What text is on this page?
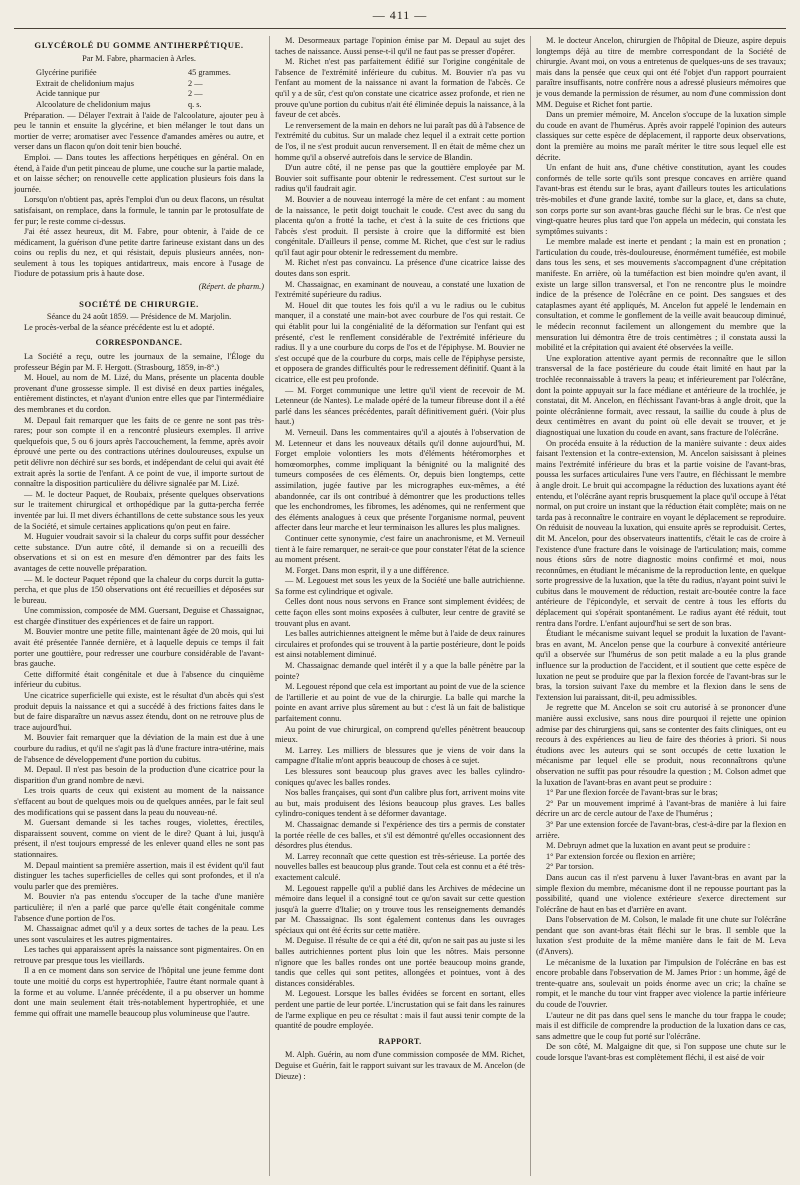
— 411 —
GLYCÉROLÉ DU GOMME ANTIHERPÉTIQUE.
Par M. Fabre, pharmacien à Arles.
Glycérine purifiée	45 grammes.
Extrait de chelidonium majus	2 —
Acide tannique pur	2 —
Alcoolature de chelidonium majus	q. s.

Préparation. — Délayer l'extrait à l'aide de l'alcoolature, ajouter peu à peu le tannin et ensuite la glycérine, et bien mélanger le tout dans un mortier de verre; aromatiser avec l'essence d'amandes amères ou autre, et verser dans un flacon qu'on doit tenir bien bouché.

Emploi. — Dans toutes les affections herpétiques en général. On en étend, à l'aide d'un petit pinceau de plume, une couche sur la partie malade, et on laisse sécher; on renouvelle cette application plusieurs fois dans la journée.

Lorsqu'on n'obtient pas, après l'emploi d'un ou deux flacons, un résultat satisfaisant, on remplace, dans la formule, le tannin par le protosulfate de fer pur; le reste comme ci-dessus.

J'ai été assez heureux, dit M. Fabre, pour obtenir, à l'aide de ce médicament, la guérison d'une petite dartre farineuse existant dans un des coins ou replis du nez, et qui résistait, depuis plusieurs années, non-seulement à tous les topiques antidartreux, mais encore à l'usage de l'iodure de potassium pris à haute dose.

(Répert. de pharm.)
SOCIÉTÉ DE CHIRURGIE.

Séance du 24 août 1859. — Présidence de M. Marjolin.

Le procès-verbal de la séance précédente est lu et adopté.

CORRESPONDANCE.

La Société a reçu, outre les journaux de la semaine, l'Éloge du professeur Bégin par M. F. Hergott. (Strasbourg, 1859, in-8°.)

M. Houel, au nom de M. Lizé, du Mans, présente un placenta double provenant d'une grossesse simple. Il est divisé en deux parties inégales, entièrement distinctes, et n'ayant d'union entre elles que par l'intermédiaire des membranes et du cordon.

M. Depaul fait remarquer que les faits de ce genre ne sont pas très-rares; pour son compte il en a rencontré plusieurs exemples. Il arrive quelquefois que, 5 ou 6 jours après l'accouchement, la femme, après avoir éprouvé une perte ou des contractions utérines douloureuses, expulse un petit délivre non déchiré sur ses bords, et indépendant de celui qui avait été extrait après la sortie de l'enfant. A ce point de vue, il importe surtout de connaître la disposition particulière du délivre signalée par M. Lizé.

— M. le docteur Paquet, de Roubaix, présente quelques observations sur le traitement chirurgical et orthopédique par la gutta-percha ferrée inventée par lui. Il met divers échantillons de cette substance sous les yeux de la Société, et simule certaines applications qu'on peut en faire.

M. Huguier voudrait savoir si la chaleur du corps suffit pour dessécher cette substance. D'un autre côté, il demande si on a recueilli des observations et si on est en mesure d'en démontrer par des faits les avantages de cette nouvelle préparation.

— M. le docteur Paquet répond que la chaleur du corps durcit la gutta-percha, et que plus de 150 observations ont été recueillies et déposées sur le bureau.

Une commission, composée de MM. Guersant, Deguise et Chassaignac, est chargée d'instituer des expériences et de faire un rapport.

M. Bouvier montre une petite fille, maintenant âgée de 20 mois, qui lui avait été présentée l'année dernière, et à laquelle depuis ce temps il fait porter une gouttière, pour redresser une courbure considérable de l'avant-bras gauche.

Cette difformité était congénitale et due à l'absence du cinquième inférieur du cubitus.

Une cicatrice superficielle qui existe, est le résultat d'un abcès qui s'est produit depuis la naissance et qui a succédé à des frictions faites dans le but de faire disparaître un nævus assez étendu, dont on ne retrouve plus de trace aujourd'hui.

M. Bouvier fait remarquer que la déviation de la main est due à une courbure du radius, et qu'il ne s'agit pas là d'une fracture intra-utérine, mais de l'absence de développement d'une portion du cubitus.

M. Depaul. Il n'est pas besoin de la production d'une cicatrice pour la disparition d'un grand nombre de nævi.

Les trois quarts de ceux qui existent au moment de la naissance s'effacent au bout de quelques mois ou de quelques années, par le fait seul des modifications qui se passent dans la peau du nouveau-né.

M. Guersant demande si les taches rouges, violettes, érectiles, disparaissent souvent, comme on vient de le dire? Quant à lui, jusqu'à présent, il n'est toujours empressé de les enlever quand elles ne sont pas stationnaires.

M. Depaul maintient sa première assertion, mais il est évident qu'il faut distinguer les taches superficielles de celles qui sont profondes, et il n'a voulu parler que des premières.

M. Bouvier n'a pas entendu s'occuper de la tache d'une manière particulière; il n'en a parlé que parce qu'elle était congénitale comme l'absence d'une portion de l'os.

M. Chassaignac admet qu'il y a deux sortes de taches de la peau. Les unes sont vasculaires et les autres pigmentaires.

Les taches qui apparaissent après la naissance sont pigmentaires. On en retrouve par presque tous les vieillards.

Il a en ce moment dans son service de l'hôpital une jeune femme dont toute une moitié du corps est hypertrophiée, l'autre étant normale quant à la forme et au volume. L'année précédente, il a pu observer un homme dont une main seulement était très-notablement hypertrophiée, et une femme qui offrait une mamelle beaucoup plus volumineuse que l'autre.

M. Desormeaux partage l'opinion émise par M. Depaul au sujet des taches de naissance. Aussi pense-t-il qu'il ne faut pas se presser d'opérer.

M. Richet n'est pas parfaitement édifié sur l'origine congénitale de l'absence de l'extrémité inférieure du cubitus. M. Bouvier n'a pas vu l'enfant au moment de la naissance ni avant la formation de l'abcès. Ce qu'il y a de sûr, c'est qu'on constate une cicatrice assez profonde, et rien ne prouve qu'une portion du cubitus n'ait été éliminée depuis la naissance, à la faveur de cet abcès.

Le renversement de la main en dehors ne lui paraît pas dû à l'absence de l'extrémité du cubitus. Sur un malade chez lequel il a extrait cette portion de l'os, il ne s'est produit aucun renversement. Il en était de même chez un homme qu'il a observé autrefois dans le service de Blandin.

D'un autre côté, il ne pense pas que la gouttière employée par M. Bouvier soit suffisante pour obtenir le redressement. C'est surtout sur le radius qu'il faudrait agir.

M. Bouvier a de nouveau interrogé la mère de cet enfant : au moment de la naissance, le petit doigt touchait le coude. C'est avec du sang du placenta qu'on a frotté la tache, et c'est à la suite de ces frictions que l'abcès s'est produit. Il persiste à croire que la difformité est bien congénitale. D'ailleurs il pense, comme M. Richet, que c'est sur le radius qu'il faut agir pour obtenir le redressement du membre.

M. Richet n'est pas convaincu. La présence d'une cicatrice laisse des doutes dans son esprit.

M. Chassaignac, en examinant de nouveau, a constaté une luxation de l'extrémité supérieure du radius.

M. Houel dit que toutes les fois qu'il a vu le radius ou le cubitus manquer, il a constaté une main-bot avec courbure de l'os qui restait. Ce qui établit pour lui la congénialité de la déformation sur l'enfant qui est présenté, c'est le renflement considérable de l'extrémité inférieure du radius. Il y a une courbure du corps de l'os et de l'épiphyse. M. Bouvier ne s'est occupé que de la courbure du corps, mais celle de l'épiphyse persiste, et opposera de grandes difficultés pour le redressement définitif. Quant à la cicatrice, elle est peu profonde.

— M. Forget communique une lettre qu'il vient de recevoir de M. Letenneur (de Nantes). Le malade opéré de la tumeur fibreuse dont il a été parlé dans les séances précédentes, paraît définitivement guéri. (Voir plus haut.)

M. Verneuil. Dans les commentaires qu'il a ajoutés à l'observation de M. Letenneur et dans les nouveaux détails qu'il donne aujourd'hui, M. Forget emploie volontiers les mots d'éléments hétéromorphes et homœomorphes, comme impliquant la bénignité ou la malignité des tumeurs composées de ces éléments. Or, depuis bien longtemps, cette assimilation, jugée fautive par les micrographes eux-mêmes, a été abandonnée, car ils ont contribué à démontrer que les productions telles que les enchondromes, les fibromes, les adénomes, qui ne renferment que des éléments analogues à ceux que présente l'organisme normal, peuvent affecter dans leur marche et leur terminaison les allures les plus malignes.

Continuer cette synonymie, c'est faire un anachronisme, et M. Verneuil tient à le faire remarquer, ne serait-ce que pour constater l'état de la science au moment présent.

M. Forget. Dans mon esprit, il y a une différence.

— M. Legouest met sous les yeux de la Société une balle autrichienne. Sa forme est cylindrique et ogivale.

Celles dont nous nous servons en France sont simplement évidées; de cette façon elles sont moins exposées à culbuter, leur centre de gravité se trouvant plus en avant.

Les balles autrichiennes atteignent le même but à l'aide de deux rainures circulaires et profondes qui se trouvent à la partie postérieure, dont le poids est ainsi notablement diminué.

M. Chassaignac demande quel intérêt il y a que la balle pénètre par la pointe?

M. Legouest répond que cela est important au point de vue de la science de l'artillerie et au point de vue de la chirurgie. La balle qui marche la pointe en avant arrive plus sûrement au but : c'est là un fait de balistique parfaitement connu.

Au point de vue chirurgical, on comprend qu'elles pénètrent beaucoup mieux.

M. Larrey. Les milliers de blessures que je viens de voir dans la campagne d'Italie m'ont appris beaucoup de choses à ce sujet.

Les blessures sont beaucoup plus graves avec les balles cylindro-coniques qu'avec les balles rondes.

Nos balles françaises, qui sont d'un calibre plus fort, arrivent moins vite au but, mais produisent des lésions beaucoup plus graves. Les balles cylindro-coniques tendent à se déformer davantage.

M. Chassaignac demande si l'expérience des tirs a permis de constater la portée réelle de ces balles, et s'il est démontré qu'elles occasionnent des désordres plus étendus.

M. Larrey reconnaît que cette question est très-sérieuse. La portée des nouvelles balles est beaucoup plus grande. Tout cela est connu et a été très-exactement calculé.

M. Legouest rappelle qu'il a publié dans les Archives de médecine un mémoire dans lequel il a consigné tout ce qu'on savait sur cette question jusqu'à la guerre d'Italie; on y trouve tous les renseignements demandés par M. Chassaignac. Ils sont également contenus dans les ouvrages spéciaux qui ont été écrits sur cette matière.

M. Deguise. Il résulte de ce qui a été dit, qu'on ne sait pas au juste si les balles autrichiennes portent plus loin que les nôtres. Mais personne n'ignore que les balles rondes ont une portée beaucoup moins grande, tandis que celles qui sont petites, allongées et pointues, vont à des distances considérables.

M. Legouest. Lorsque les balles évidées se forcent en sortant, elles perdent une partie de leur portée. L'incrustation qui se fait dans les rainures de l'arme explique en peu ce résultat : mais il faut aussi tenir compte de la quantité de poudre employée.

RAPPORT.

M. Alph. Guérin, au nom d'une commission composée de MM. Richet, Deguise et Guérin, fait le rapport suivant sur les travaux de M. Ancelon (de Dieuze) :

M. le docteur Ancelon, chirurgien de l'hôpital de Dieuze, aspire depuis longtemps déjà au titre de membre correspondant de la Société de chirurgie. Avant moi, on vous a entretenus de quelques-uns de ses travaux; mais dans la pensée que ceux qui ont été l'objet d'un rapport pourraient paraître insuffisants, notre confrère nous a adressé plusieurs mémoires que je vous demande la permission de résumer, au nom d'une commission dont MM. Deguise et Richet font partie.

Dans un premier mémoire, M. Ancelon s'occupe de la luxation simple du coude en avant de l'humérus. Après avoir rappelé l'opinion des auteurs classiques sur cette espèce de déplacement, il rapporte deux observations, dont la première au moins me paraît mériter le titre sous lequel elle est décrite.

Un enfant de huit ans, d'une chétive constitution, ayant les coudes conformés de telle sorte qu'ils sont presque concaves en arrière quand l'avant-bras est étendu sur le bras, ayant d'ailleurs toutes les articulations très-mobiles et d'une grande laxité, tombe sur la glace, et, dans sa chute, son corps porte sur son avant-bras gauche fléchi sur le bras. Ce n'est que vingt-quatre heures plus tard que l'on appela un médecin, qui constata les symptômes suivants :

Le membre malade est inerte et pendant ; la main est en pronation ; l'articulation du coude, très-douloureuse, énormément tuméfiée, est mobile dans tous les sens, et ses mouvements s'accompagnent d'une crépitation manifeste. En arrière, où la tuméfaction est bien moindre qu'en avant, il existe un large sillon transversal, et l'on ne rencontre plus le moindre indice de la présence de l'olécrâne en ce point. Des sangsues et des cataplasmes ayant été appliqués, M. Ancelon fut appelé le lendemain en consultation, et comme le gonflement de la veille avait beaucoup diminué, le médecin reconnut facilement un allongement du membre que la mensuration lui démontra être de trois centimètres ; il constata aussi la mobilité et la crépitation qui avaient été observées la veille.

Une exploration attentive ayant permis de reconnaître que le sillon transversal de la face postérieure du coude était limité en haut par la trochlée reconnaissable à travers la peau; et inférieurement par l'olécrâne, dont la pointe appuyait sur la face médiane et antérieure de la trochlée, je constatai, dit M. Ancelon, en fléchissant l'avant-bras à angle droit, que la pointe olécrânienne formait, avec ressaut, la saillie du coude à plus de deux centimètres en avant du point où elle devait se trouver, et je diagnostiquai une luxation du coude en avant, sans fracture de l'olécrâne.

On procéda ensuite à la réduction de la manière suivante : deux aides faisant l'extension et la contre-extension, M. Ancelon saisissant à pleines mains l'extrémité inférieure du bras et la partie voisine de l'avant-bras, poussa les surfaces articulaires l'une vers l'autre, en fléchissant le membre à angle droit. Le bruit qui accompagne la réduction des luxations ayant été entendu, et l'olécrâne ayant repris brusquement la place qu'il occupe à l'état normal, on put croire un instant que la réduction était complète; mais on ne tarda pas à reconnaître le contraire en voyant le déplacement se reproduire. On réduisit de nouveau la luxation, qui ensuite après se reproduisit. Certes, dit M. Ancelon, pour des observateurs inattentifs, c'était le cas de croire à l'existence d'une fracture dans le voisinage de l'articulation; mais, comme nous étions sûrs de notre diagnostic moins confirmé et moi, nous reconnûmes, en étudiant le mécanisme de la reproduction lente, en quelque sorte progressive de la luxation, que la tête du radius, n'ayant point suivi le cubitus dans le mouvement de réduction, restait arc-boutée contre la face antérieure de l'épicondyle, et servait de centre à tous les efforts du déplacement qui s'opérait spontanément. Le radius ayant été réduit, tout rentra dans l'ordre. L'enfant aujourd'hui se sert de son bras.

Étudiant le mécanisme suivant lequel se produit la luxation de l'avant-bras en avant, M. Ancelon pense que la courbure à convexité antérieure qu'il a observée sur l'humérus de son petit malade a eu la plus grande influence sur la production de l'accident, et il soutient que cette espèce de luxation ne peut se produire que par la flexion forcée de l'avant-bras sur le bras, la torsion suivant l'axe du membre et la flexion dans le sens de l'extension lui paraissant, dit-il, peu admissibles.

Je regrette que M. Ancelon se soit cru autorisé à se prononcer d'une manière aussi exclusive, sans nous dire pourquoi il rejette une opinion admise par des chirurgiens qui, sans se contenter des faits cliniques, ont eu recours à des expériences au lieu de faire des théories à priori. Si nous étudions avec les auteurs qui se sont occupés de cette luxation le mécanisme par lequel elle se produit, nous reconnaîtrons qu'une observation ne suffit pas pour résoudre la question ; M. Colson admet que la luxation de l'avant-bras en avant peut se produire :

1° Par une flexion forcée de l'avant-bras sur le bras;

2° Par un mouvement imprimé à l'avant-bras de manière à lui faire décrire un arc de cercle autour de l'axe de l'humérus ;

3° Par une extension forcée de l'avant-bras, c'est-à-dire par la flexion en arrière.

M. Debruyn admet que la luxation en avant peut se produire :

1° Par extension forcée ou flexion en arrière;

2° Par torsion.

Dans aucun cas il n'est parvenu à luxer l'avant-bras en avant par la simple flexion du membre, mécanisme dont il ne repousse pourtant pas la possibilité, quand une violence extérieure s'exerce directement sur l'olécrâne de haut en bas et d'arrière en avant.

Dans l'observation de M. Colson, le malade fit une chute sur l'olécrâne pendant que son avant-bras était fléchi sur le bras. Il semble que la luxation s'est produite de la même manière dans le fait de M. Leva (d'Anvers).

Le mécanisme de la luxation par l'impulsion de l'olécrâne en bas est encore probable dans l'observation de M. James Prior : un homme, âgé de trente-quatre ans, soulevait un poids énorme avec un cric; la chaîne se rompit, et le manche du tour vint frapper avec violence la partie inférieure du coude de l'ouvrier.

L'auteur ne dit pas dans quel sens le manche du tour frappa le coude; mais il est difficile de comprendre la production de la luxation dans ce cas, sans admettre que le coup fut porté sur l'olécrâne.

De son côté, M. Malgaigne dit que, si l'on suppose une chute sur le coude lorsque l'avant-bras est complètement fléchi, il est aisé de voir
